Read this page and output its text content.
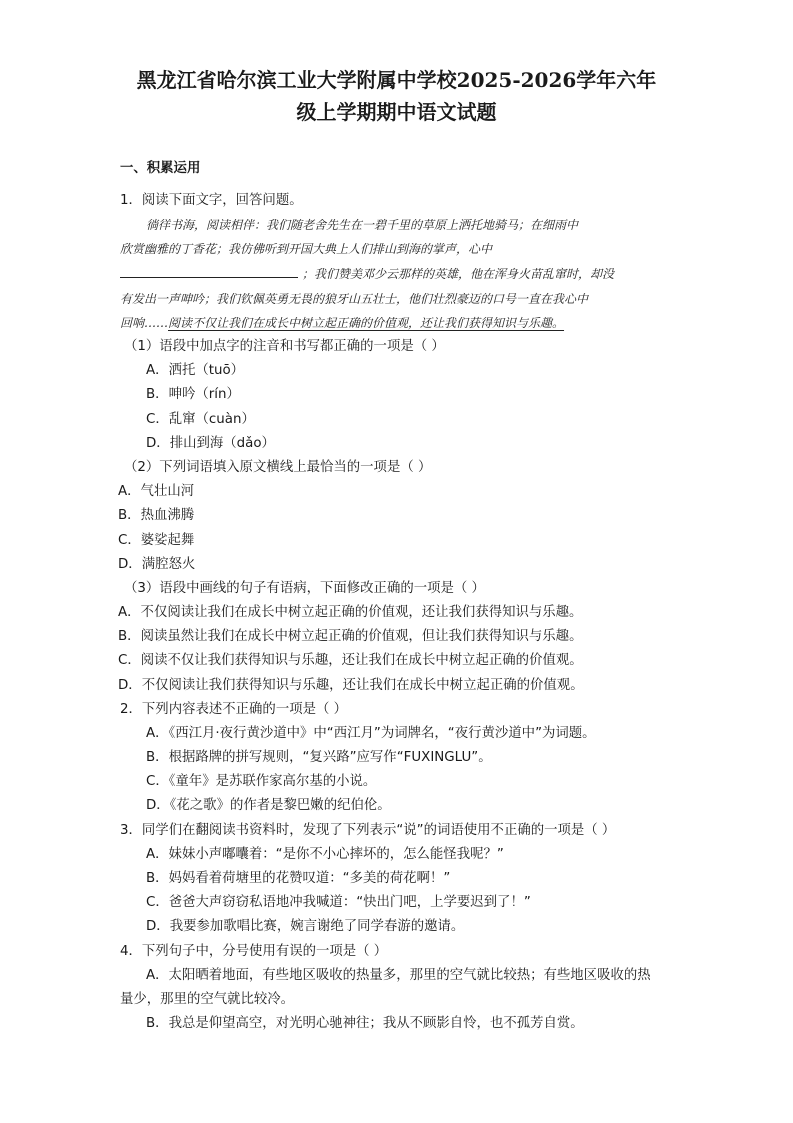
黑龙江省哈尔滨工业大学附属中学校2025-2026学年六年
级上学期期中语文试题
一、积累运用
1．阅读下面文字，回答问题。
徜徉书海，阅读相伴：我们随老舍先生在一碧千里的草原上洒托地骑马；在细雨中
欣赏幽雅的丁香花；我仿佛听到开国大典上人们排山到海的掌声，心中
；我们赞美邓少云那样的英雄，他在浑身火苗乱窜时，却没
有发出一声呻吟；我们钦佩英勇无畏的狼牙山五壮士，他们壮烈豪迈的口号一直在我心中
回响……阅读不仅让我们在成长中树立起正确的价值观，还让我们获得知识与乐趣。
（1）语段中加点字的注音和书写都正确的一项是（ ）
A．洒托（tuō）
B．呻吟（rín）
C．乱窜（cuàn）
D．排山到海（dǎo）
（2）下列词语填入原文横线上最恰当的一项是（ ）
A．气壮山河
B．热血沸腾
C．婆娑起舞
D．满腔怒火
（3）语段中画线的句子有语病，下面修改正确的一项是（ ）
A．不仅阅读让我们在成长中树立起正确的价值观，还让我们获得知识与乐趣。
B．阅读虽然让我们在成长中树立起正确的价值观，但让我们获得知识与乐趣。
C．阅读不仅让我们获得知识与乐趣，还让我们在成长中树立起正确的价值观。
D．不仅阅读让我们获得知识与乐趣，还让我们在成长中树立起正确的价值观。
2．下列内容表述不正确的一项是（ ）
A．《西江月·夜行黄沙道中》中“西江月”为词牌名，“夜行黄沙道中”为词题。
B．根据路牌的拼写规则，“复兴路”应写作“FUXINGLU”。
C．《童年》是苏联作家高尔基的小说。
D．《花之歌》的作者是黎巴嫩的纪伯伦。
3．同学们在翻阅读书资料时，发现了下列表示“说”的词语使用不正确的一项是（ ）
A．妹妹小声嘟囔着：“是你不小心摔坏的，怎么能怪我呢？”
B．妈妈看着荷塘里的花赞叹道：“多美的荷花啊！”
C．爸爸大声窃窃私语地冲我喊道：“快出门吧，上学要迟到了！”
D．我要参加歌唱比赛，婉言谢绝了同学春游的邀请。
4．下列句子中，分号使用有误的一项是（ ）
A．太阳晒着地面，有些地区吸收的热量多，那里的空气就比较热；有些地区吸收的热
量少，那里的空气就比较冷。
B．我总是仰望高空，对光明心驰神往；我从不顾影自怜，也不孤芳自赏。
